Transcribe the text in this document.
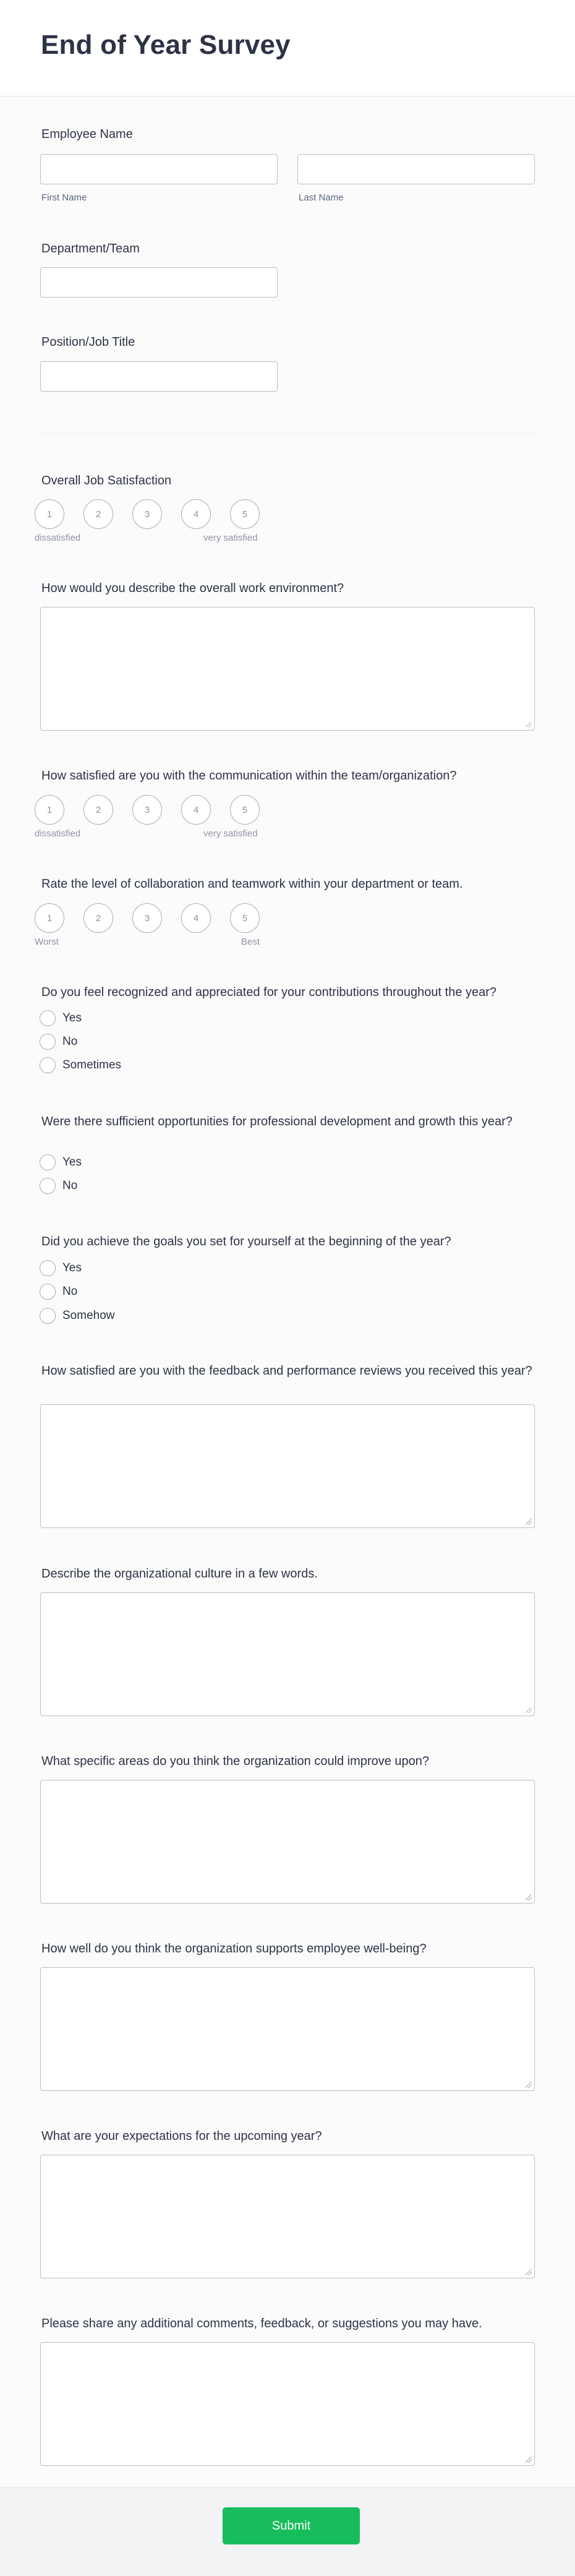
End of Year Survey
Employee Name
First Name	Last Name
Department/Team
Position/Job Title
Overall Job Satisfaction
1	2	3	4	5
dissatisfied	very satisfied
How would you describe the overall work environment?
How satisfied are you with the communication within the team/organization?
1	2	3	4	5
dissatisfied	very satisfied
Rate the level of collaboration and teamwork within your department or team.
1	2	3	4	5
Worst	Best
Do you feel recognized and appreciated for your contributions throughout the year?
Yes
No
Sometimes
Were there sufficient opportunities for professional development and growth this year?
Yes
No
Did you achieve the goals you set for yourself at the beginning of the year?
Yes
No
Somehow
How satisfied are you with the feedback and performance reviews you received this year?
Describe the organizational culture in a few words.
What specific areas do you think the organization could improve upon?
How well do you think the organization supports employee well-being?
What are your expectations for the upcoming year?
Please share any additional comments, feedback, or suggestions you may have.
Submit
